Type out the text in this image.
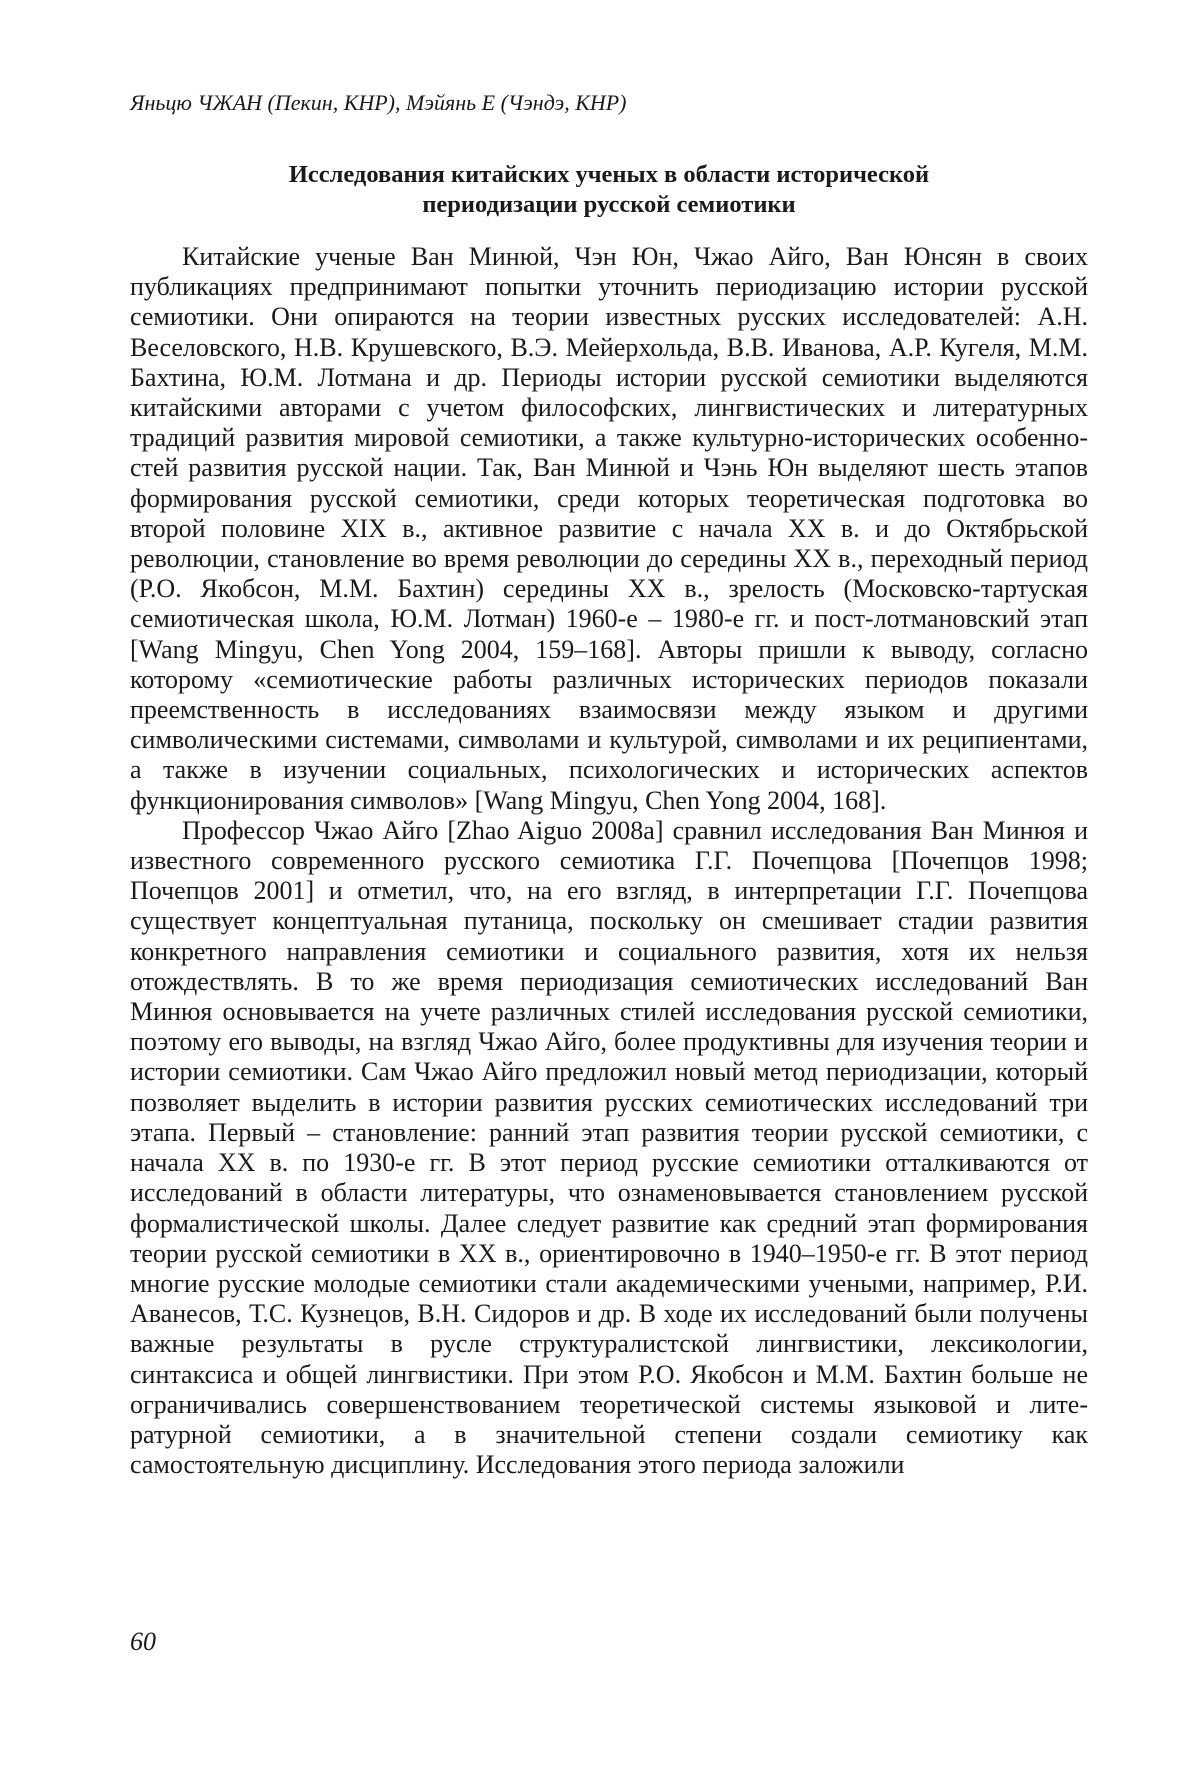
Яньцю ЧЖАН (Пекин, КНР), Мэйянь Е (Чэндэ, КНР)
Исследования китайских ученых в области исторической
периодизации русской семиотики

Китайские ученые Ван Минюй, Чэн Юн, Чжао Айго, Ван Юнсян в своих публикациях предпринимают попытки уточнить периодизацию истории русской семиотики. Они опираются на теории известных русских исследователей: А.Н. Веселовского, Н.В. Крушевского, В.Э. Мейерхольда, В.В. Иванова, А.Р. Кугеля, М.М. Бахтина, Ю.М. Лотмана и др. Периоды истории русской семиотики выделяются китайскими авторами с учетом философских, лингвистических и литературных традиций развития мировой семиотики, а также культурно-исторических особенностей развития русской нации. Так, Ван Минюй и Чэнь Юн выделяют шесть этапов формирования русской семиотики, среди которых теоретическая подготовка во второй половине XIX в., активное развитие с начала XX в. и до Октябрьской революции, становление во время революции до середины XX в., переходный период (Р.О. Якобсон, М.М. Бахтин) середины XX в., зрелость (Московско-тартуская семиотическая школа, Ю.М. Лотман) 1960-е – 1980-е гг. и пост-лотмановский этап [Wang Mingyu, Chen Yong 2004, 159–168]. Авторы пришли к выводу, согласно которому «семиотические работы различных исторических периодов показали преемственность в исследованиях взаимосвязи между языком и другими символическими системами, символами и культурой, символами и их реципиентами, а также в изучении социальных, психологических и исторических аспектов функционирования символов» [Wang Mingyu, Chen Yong 2004, 168].

Профессор Чжао Айго [Zhao Aiguo 2008a] сравнил исследования Ван Минюя и известного современного русского семиотика Г.Г. Почепцова [Почепцов 1998; Почепцов 2001] и отметил, что, на его взгляд, в интерпретации Г.Г. Почепцова существует концептуальная путаница, поскольку он смешивает стадии развития конкретного направления семиотики и социального развития, хотя их нельзя отождествлять. В то же время периодизация семиотических исследований Ван Минюя основывается на учете различных стилей исследования русской семиотики, поэтому его выводы, на взгляд Чжао Айго, более продуктивны для изучения теории и истории семиотики. Сам Чжао Айго предложил новый метод периодизации, который позволяет выделить в истории развития русских семиотических исследований три этапа. Первый – становление: ранний этап развития теории русской семиотики, с начала XX в. по 1930-е гг. В этот период русские семиотики отталкиваются от исследований в области литературы, что ознаменовывается становлением русской формалистической школы. Далее следует развитие как средний этап формирования теории русской семиотики в XX в., ориентировочно в 1940–1950-е гг. В этот период многие русские молодые семиотики стали академическими учеными, например, Р.И. Аванесов, Т.С. Кузнецов, В.Н. Сидоров и др. В ходе их исследований были получены важные результаты в русле структуралистской лингвистики, лексикологии, синтаксиса и общей лингвистики. При этом Р.О. Якобсон и М.М. Бахтин больше не ограничивались совершенствованием теоретической системы языковой и литературной семиотики, а в значительной степени создали семиотику как самостоятельную дисциплину. Исследования этого периода заложили

60
